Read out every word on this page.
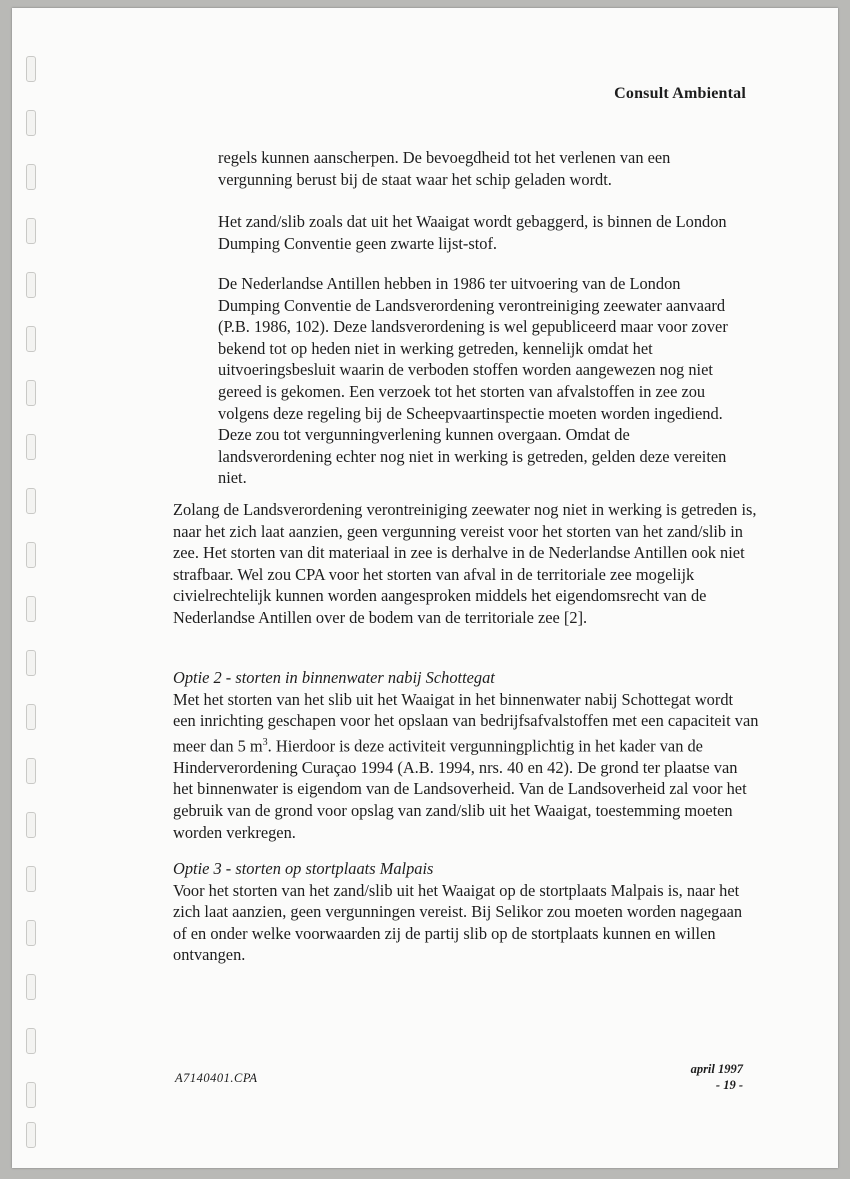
Consult Ambiental

regels kunnen aanscherpen. De bevoegdheid tot het verlenen van een vergunning berust bij de staat waar het schip geladen wordt.

Het zand/slib zoals dat uit het Waaigat wordt gebaggerd, is binnen de London Dumping Conventie geen zwarte lijst-stof.

De Nederlandse Antillen hebben in 1986 ter uitvoering van de London Dumping Conventie de Landsverordening verontreiniging zeewater aanvaard (P.B. 1986, 102). Deze landsverordening is wel gepubliceerd maar voor zover bekend tot op heden niet in werking getreden, kennelijk omdat het uitvoeringsbesluit waarin de verboden stoffen worden aangewezen nog niet gereed is gekomen. Een verzoek tot het storten van afvalstoffen in zee zou volgens deze regeling bij de Scheepvaartinspectie moeten worden ingediend. Deze zou tot vergunningverlening kunnen overgaan. Omdat de landsverordening echter nog niet in werking is getreden, gelden deze vereiten niet.

Zolang de Landsverordening verontreiniging zeewater nog niet in werking is getreden is, naar het zich laat aanzien, geen vergunning vereist voor het storten van het zand/slib in zee. Het storten van dit materiaal in zee is derhalve in de Nederlandse Antillen ook niet strafbaar. Wel zou CPA voor het storten van afval in de territoriale zee mogelijk civielrechtelijk kunnen worden aangesproken middels het eigendomsrecht van de Nederlandse Antillen over de bodem van de territoriale zee [2].

Optie 2 - storten in binnenwater nabij Schottegat
Met het storten van het slib uit het Waaigat in het binnenwater nabij Schottegat wordt een inrichting geschapen voor het opslaan van bedrijfsafvalstoffen met een capaciteit van meer dan 5 $m^3$. Hierdoor is deze activiteit vergunningplichtig in het kader van de Hinderverordening Curaçao 1994 (A.B. 1994, nrs. 40 en 42). De grond ter plaatse van het binnenwater is eigendom van de Landsoverheid. Van de Landsoverheid zal voor het gebruik van de grond voor opslag van zand/slib uit het Waaigat, toestemming moeten worden verkregen.
Optie 3 - storten op stortplaats Malpais
Voor het storten van het zand/slib uit het Waaigat op de stortplaats Malpais is, naar het zich laat aanzien, geen vergunningen vereist. Bij Selikor zou moeten worden nagegaan of en onder welke voorwaarden zij de partij slib op de stortplaats kunnen en willen ontvangen.
A7140401.CPA
april 1997
- 19 -
